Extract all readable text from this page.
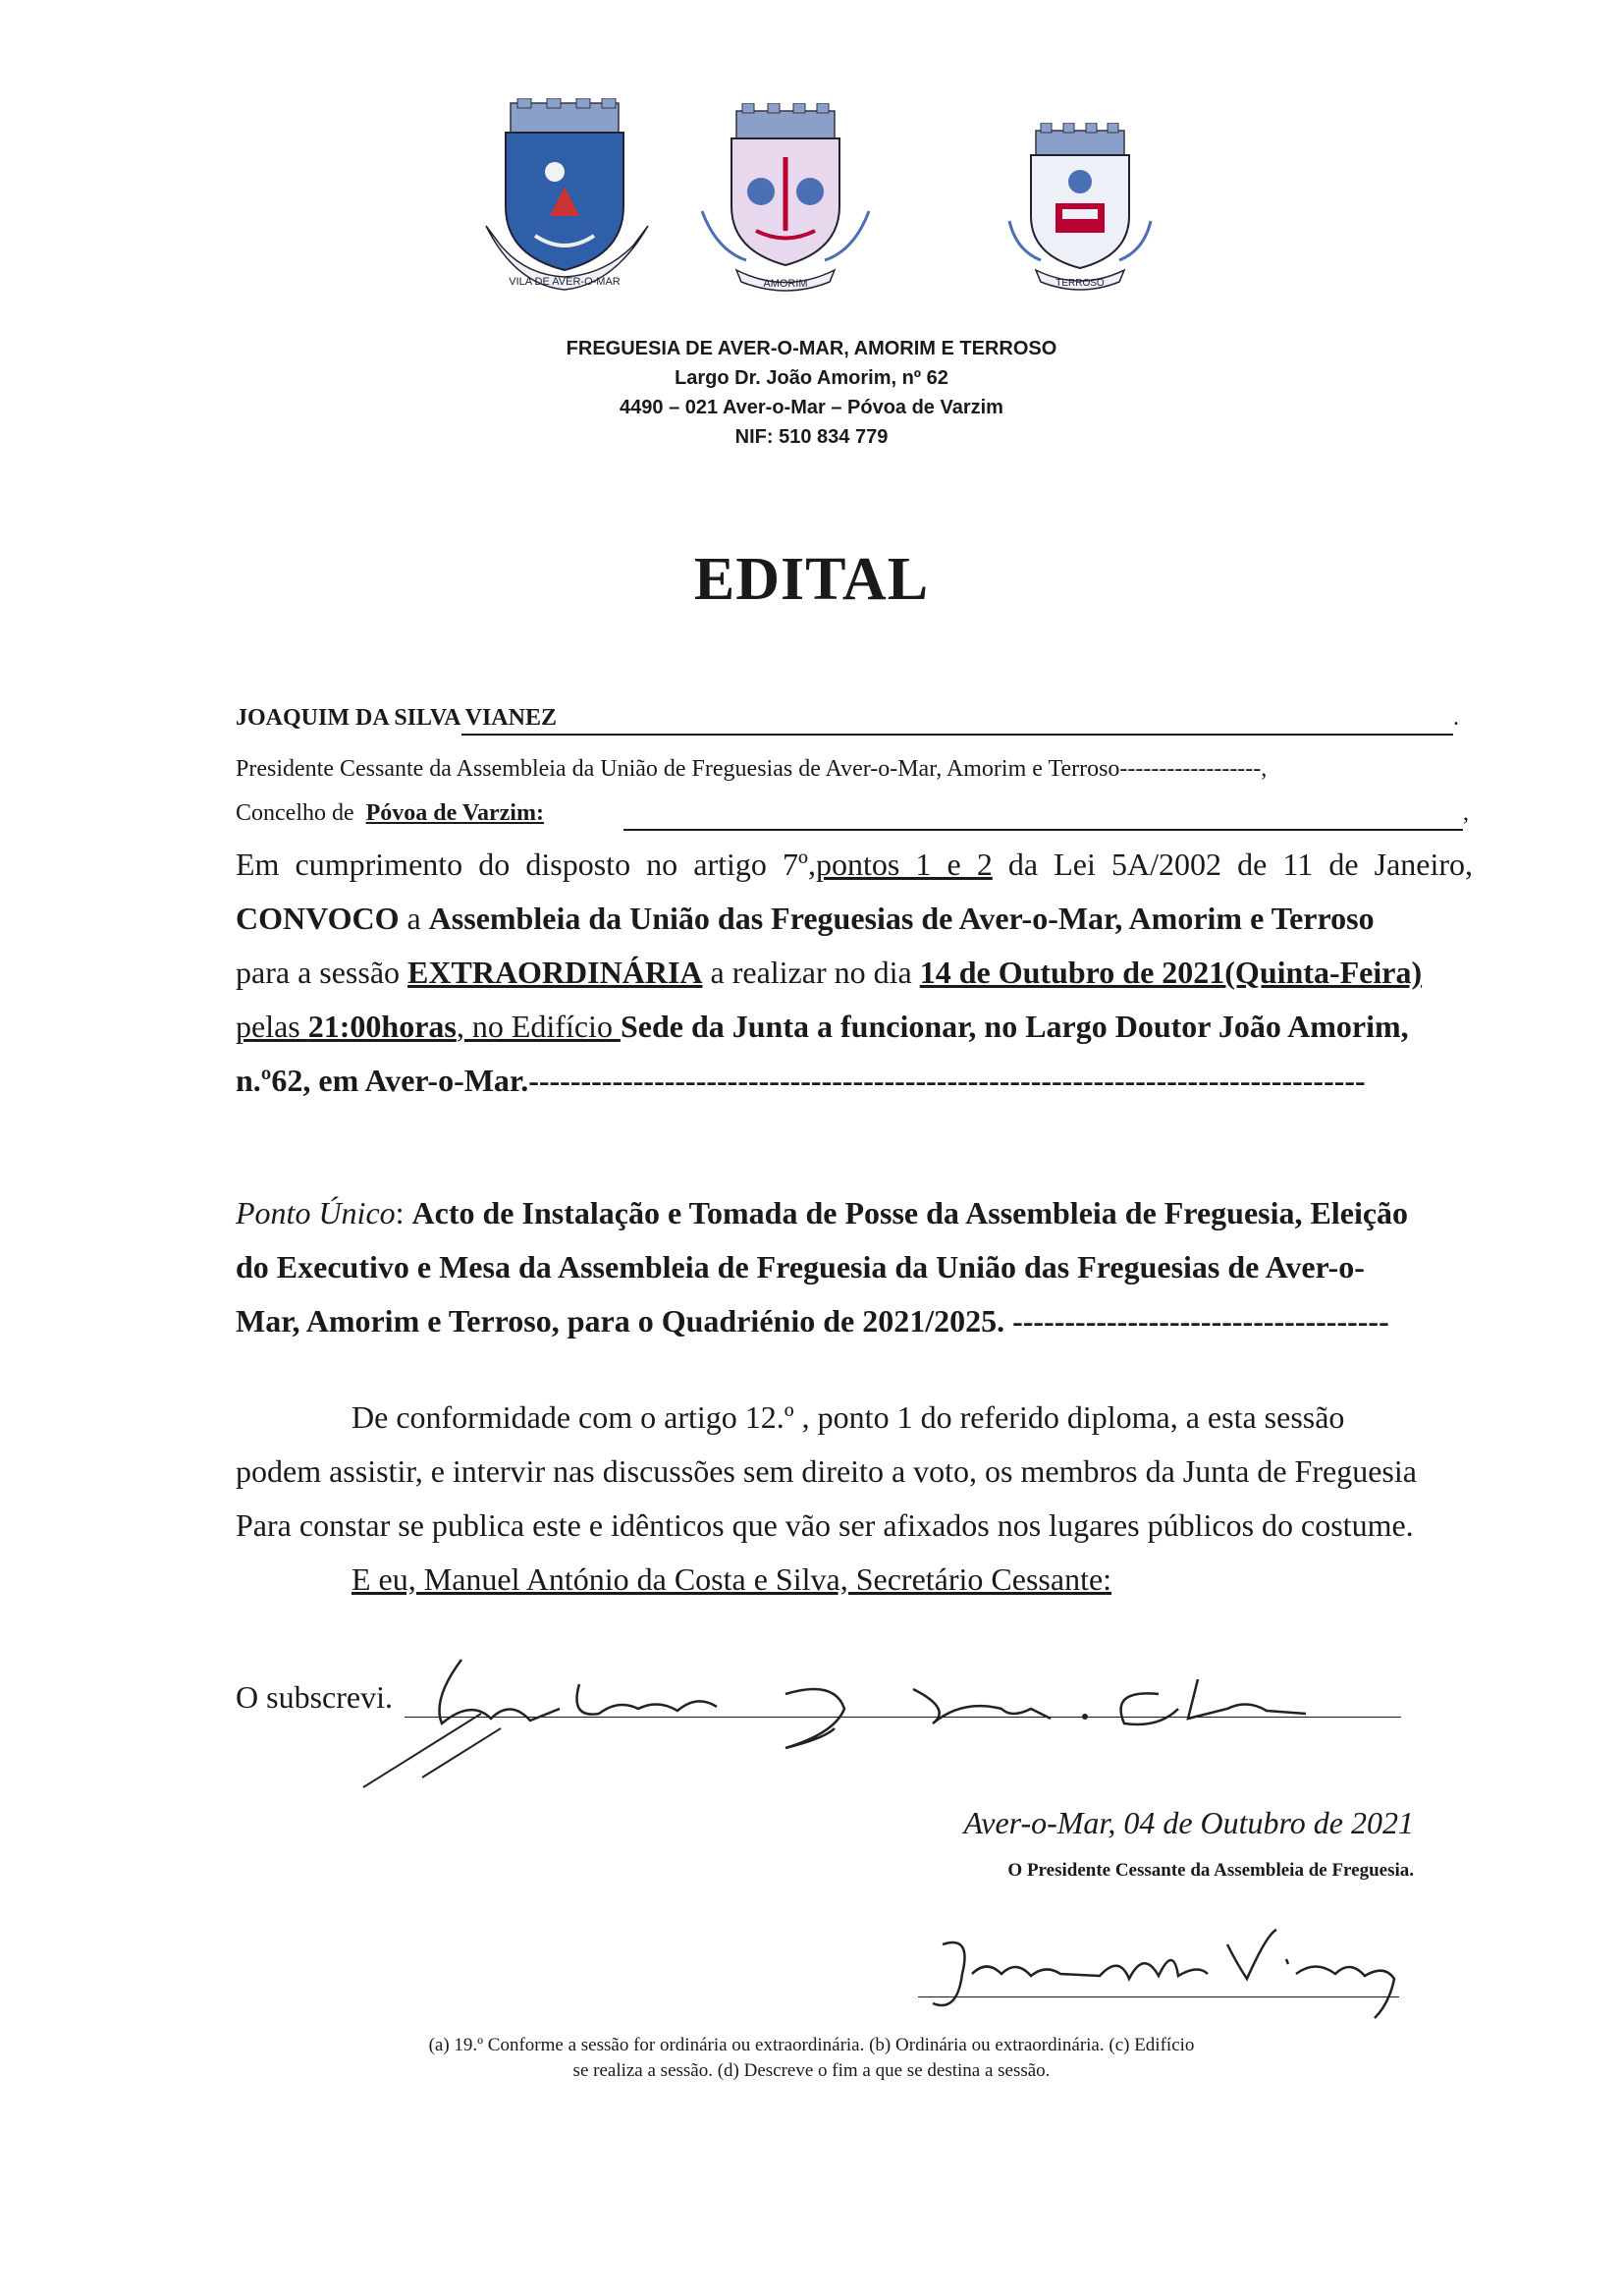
VILA DE AVER-O-MAR	AMORIM	TERROSO
FREGUESIA DE AVER-O-MAR, AMORIM E TERROSO
Largo Dr. João Amorim, nº 62
4490 – 021 Aver-o-Mar – Póvoa de Varzim
NIF: 510 834 779
EDITAL
JOAQUIM DA SILVA VIANEZ	.
Presidente Cessante da Assembleia da União de Freguesias de Aver-o-Mar, Amorim e Terroso------------------,
Concelho de Póvoa de Varzim:	,
Em cumprimento do disposto no artigo 7º,pontos 1 e 2 da Lei 5A/2002 de 11 de Janeiro,
CONVOCO a Assembleia da União das Freguesias de Aver-o-Mar, Amorim e Terroso
para a sessão EXTRAORDINÁRIA a realizar no dia 14 de Outubro de 2021(Quinta-Feira)
pelas 21:00horas, no Edifício Sede da Junta a funcionar, no Largo Doutor João Amorim,
n.º62, em Aver-o-Mar.--------------------------------------------------------------------------------
Ponto Único: Acto de Instalação e Tomada de Posse da Assembleia de Freguesia, Eleição
do Executivo e Mesa da Assembleia de Freguesia da União das Freguesias de Aver-o-
Mar, Amorim e Terroso, para o Quadriénio de 2021/2025. ------------------------------------
De conformidade com o artigo 12.º , ponto 1 do referido diploma, a esta sessão
podem assistir, e intervir nas discussões sem direito a voto, os membros da Junta de Freguesia
Para constar se publica este e idênticos que vão ser afixados nos lugares públicos do costume.
E eu, Manuel António da Costa e Silva, Secretário Cessante:
O subscrevi.
Aver-o-Mar, 04 de Outubro de 2021
O Presidente Cessante da Assembleia de Freguesia.
(a) 19.º Conforme a sessão for ordinária ou extraordinária. (b) Ordinária ou extraordinária. (c) Edifício
se realiza a sessão. (d) Descreve o fim a que se destina a sessão.
